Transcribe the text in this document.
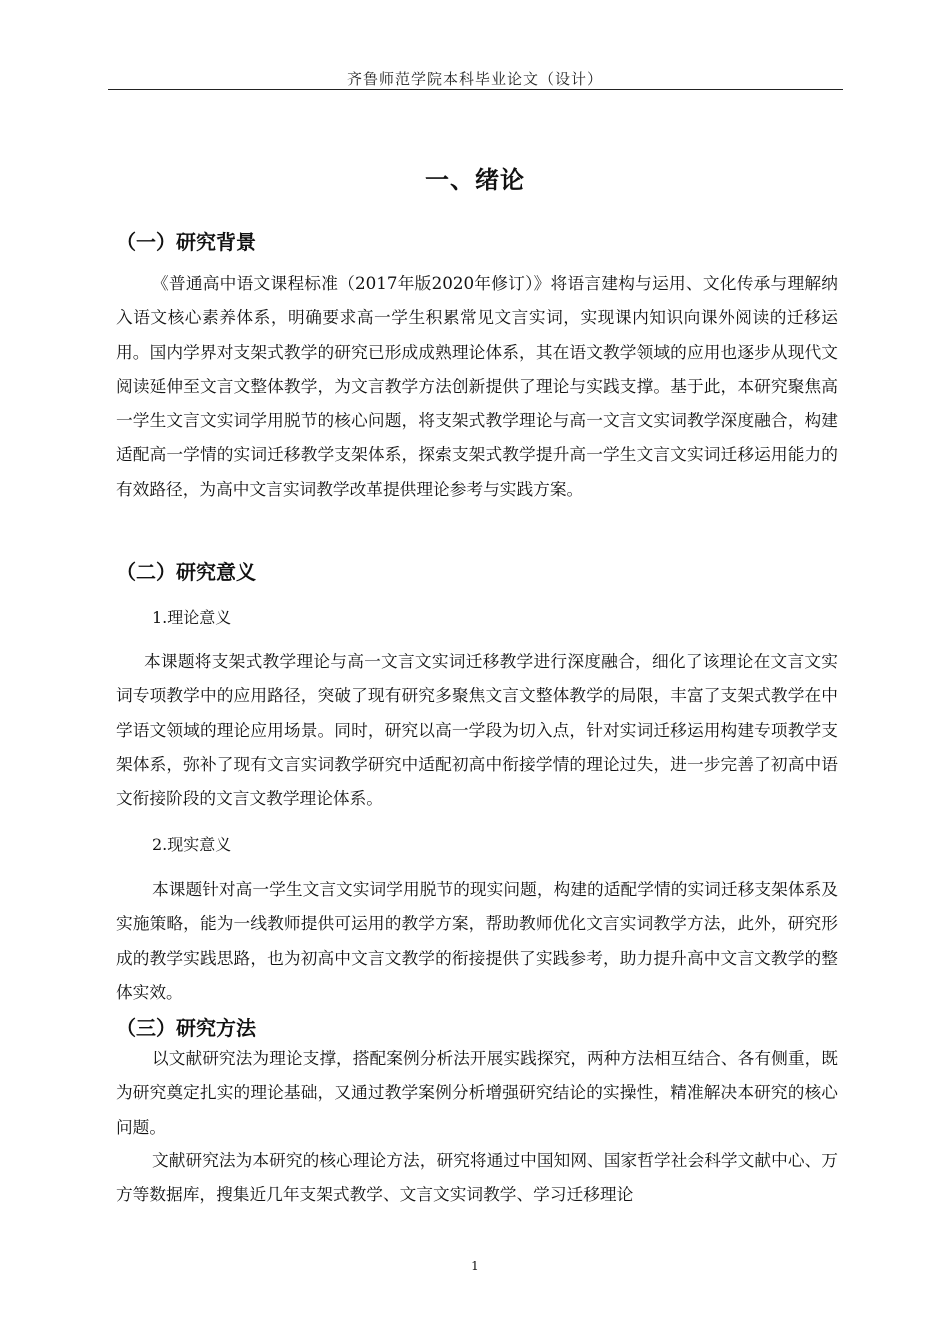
齐鲁师范学院本科毕业论文（设计）
一、绪论
（一）研究背景

《普通高中语文课程标准（2017年版2020年修订）》将语言建构与运用、文化传承与理解纳入语文核心素养体系，明确要求高一学生积累常见文言实词，实现课内知识向课外阅读的迁移运用。国内学界对支架式教学的研究已形成成熟理论体系，其在语文教学领域的应用也逐步从现代文阅读延伸至文言文整体教学，为文言教学方法创新提供了理论与实践支撑。基于此，本研究聚焦高一学生文言文实词学用脱节的核心问题，将支架式教学理论与高一文言文实词教学深度融合，构建适配高一学情的实词迁移教学支架体系，探索支架式教学提升高一学生文言文实词迁移运用能力的有效路径，为高中文言实词教学改革提供理论参考与实践方案。

（二）研究意义
1.理论意义

本课题将支架式教学理论与高一文言文实词迁移教学进行深度融合，细化了该理论在文言文实词专项教学中的应用路径，突破了现有研究多聚焦文言文整体教学的局限，丰富了支架式教学在中学语文领域的理论应用场景。同时，研究以高一学段为切入点，针对实词迁移运用构建专项教学支架体系，弥补了现有文言实词教学研究中适配初高中衔接学情的理论过失，进一步完善了初高中语文衔接阶段的文言文教学理论体系。

2.现实意义

本课题针对高一学生文言文实词学用脱节的现实问题，构建的适配学情的实词迁移支架体系及实施策略，能为一线教师提供可运用的教学方案，帮助教师优化文言实词教学方法，此外，研究形成的教学实践思路，也为初高中文言文教学的衔接提供了实践参考，助力提升高中文言文教学的整体实效。

（三）研究方法

以文献研究法为理论支撑，搭配案例分析法开展实践探究，两种方法相互结合、各有侧重，既为研究奠定扎实的理论基础，又通过教学案例分析增强研究结论的实操性，精准解决本研究的核心问题。

文献研究法为本研究的核心理论方法，研究将通过中国知网、国家哲学社会科学文献中心、万方等数据库，搜集近几年支架式教学、文言文实词教学、学习迁移理论

1
